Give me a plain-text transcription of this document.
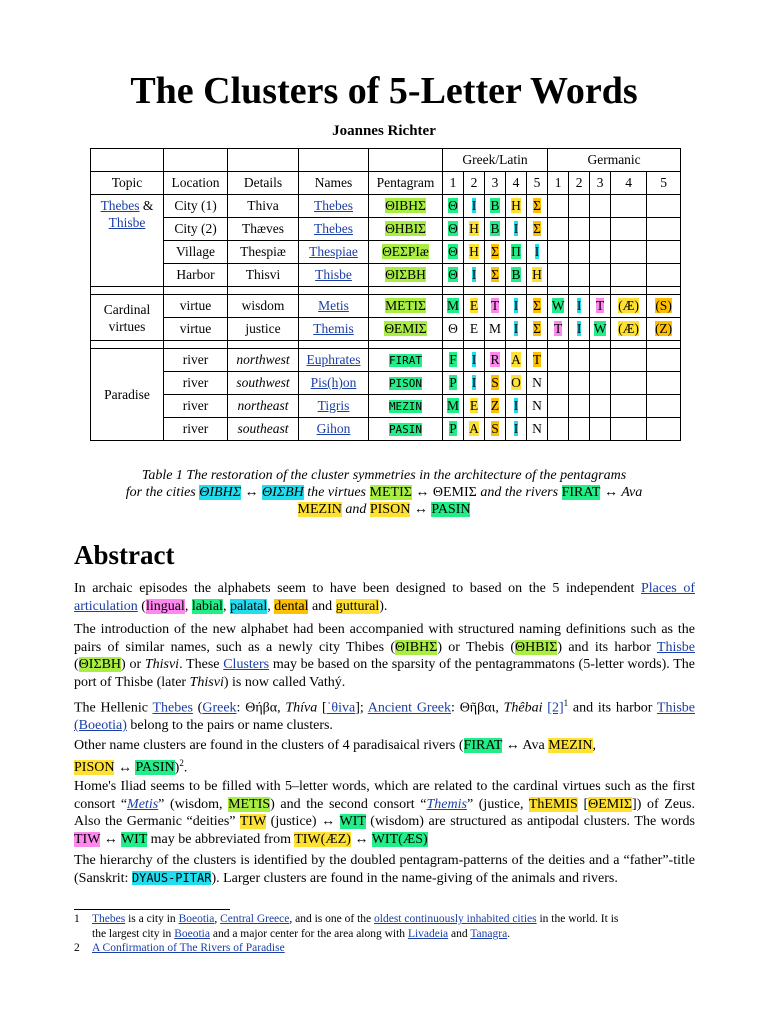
The Clusters of 5-Letter Words
Joannes Richter
					Greek/Latin					Germanic				
Topic	Location	Details	Names	Pentagram	1	2	3	4	5	1	2	3	4	5
Thebes & Thisbe	City (1)	Thiva	Thebes	ΘΙΒΗΣ	Θ	Ι	Β	Η	Σ					
	City (2)	Thæves	Thebes	ΘΗΒΙΣ	Θ	Η	Β	Ι	Σ					
	Village	Thespiæ	Thespiae	ΘΕΣΡΙæ	Θ	Η	Σ	Π	Ι					
	Harbor	Thisvi	Thisbe	ΘΙΣΒΗ	Θ	Ι	Σ	Β	Η					

Cardinal virtues	virtue	wisdom	Metis	ΜΕΤΙΣ	Μ	Ε	Τ	Ι	Σ	W	I	T	(Æ)	(S)
	virtue	justice	Themis	ΘΕΜΙΣ	Θ	Ε	Μ	Ι	Σ	T	I	W	(Æ)	(Z)

Paradise	river	northwest	Euphrates	FIRAT	F	I	R	A	T					
	river	southwest	Pis(h)on	PISON	P	I	S	O	N					
	river	northeast	Tigris	MEZIN	M	E	Z	I	N					
	river	southeast	Gihon	PASIN	P	A	S	I	N					
Table 1 The restoration of the cluster symmetries in the architecture of the pentagrams
for the cities ΘΙΒΗΣ ↔ ΘΙΣΒΗ the virtues ΜΕΤΙΣ ↔ ΘΕΜΙΣ and the rivers FIRAT ↔ Ava
MEZIN and PISON ↔ PASIN
Abstract

In archaic episodes the alphabets seem to have been designed to based on the 5 independent Places of articulation (lingual, labial, palatal, dental and guttural).

The introduction of the new alphabet had been accompanied with structured naming definitions such as the pairs of similar names, such as a newly city Thibes (ΘΙΒΗΣ) or Thebis (ΘΗΒΙΣ) and its harbor Thisbe (ΘΙΣΒΗ) or Thisvi. These Clusters may be based on the sparsity of the pentagrammatons (5-letter words). The port of Thisbe (later Thisvi) is now called Vathý.

The Hellenic Thebes (Greek: Θήβα, Thíva [ˈθiva]; Ancient Greek: Θῆβαι, Thêbai $[2]^1$ and its harbor Thisbe (Boeotia) belong to the pairs or name clusters.

Other name clusters are found in the clusters of 4 paradisaical rivers (FIRAT ↔ Ava MEZIN,
PISON ↔ PASIN)$^2$.

Home's Iliad seems to be filled with 5–letter words, which are related to the cardinal virtues such as the first consort “Metis” (wisdom, METIS) and the second consort “Themis” (justice, ThEMIS [ΘΕΜΙΣ]) of Zeus. Also the Germanic “deities” TIW (justice) ↔ WIT (wisdom) are structured as antipodal clusters. The words TIW ↔ WIT may be abbreviated from TIW(ÆZ) ↔ WIT(ÆS)

The hierarchy of the clusters is identified by the doubled pentagram-patterns of the deities and a “father”-title (Sanskrit: DYAUS-PITAR). Larger clusters are found in the name-giving of the animals and rivers.

1 Thebes is a city in Boeotia, Central Greece, and is one of the oldest continuously inhabited cities in the world. It is
the largest city in Boeotia and a major center for the area along with Livadeia and Tanagra.
2 A Confirmation of The Rivers of Paradise
